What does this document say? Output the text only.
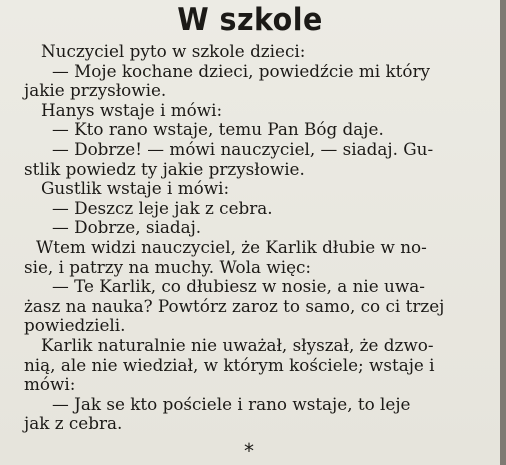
W szkole
Nuczyciel pyto w szkole dzieci:
— Moje kochane dzieci, powiedźcie mi który
jakie przysłowie.
Hanys wstaje i mówi:
— Kto rano wstaje, temu Pan Bóg daje.
— Dobrze! — mówi nauczyciel, — siadaj. Gu-
stlik powiedz ty jakie przysłowie.
Gustlik wstaje i mówi:
— Deszcz leje jak z cebra.
— Dobrze, siadaj.
Wtem widzi nauczyciel, że Karlik dłubie w no-
sie, i patrzy na muchy. Wola więc:
— Te Karlik, co dłubiesz w nosie, a nie uwa-
żasz na nauka? Powtórz zaroz to samo, co ci trzej
powiedzieli.
Karlik naturalnie nie uważał, słyszał, że dzwo-
nią, ale nie wiedział, w którym kościele; wstaje i
mówi:
— Jak se kto pościele i rano wstaje, to leje
jak z cebra.
*
